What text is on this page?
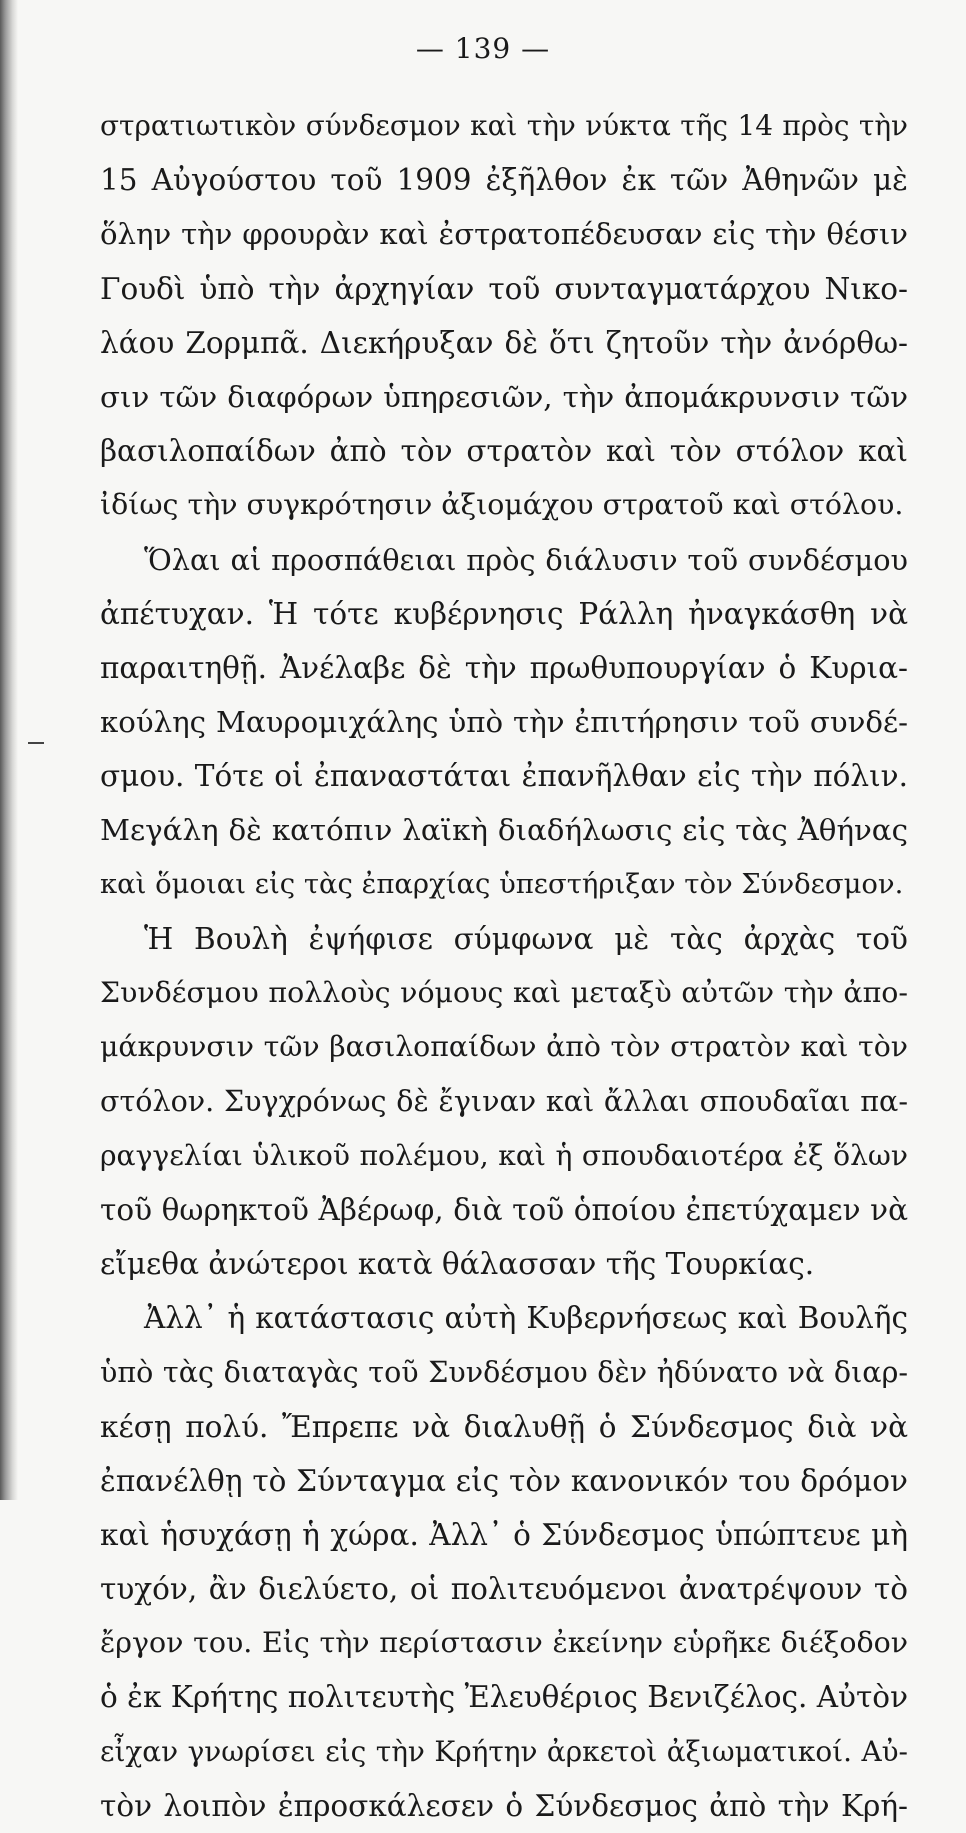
— 139 —
στρατιωτικὸν σύνδεσμον καὶ τὴν νύκτα τῆς 14 πρὸς τὴν
15 Αὐγούστου τοῦ 1909 ἐξῆλθον ἐκ τῶν Ἀθηνῶν μὲ
ὅλην τὴν φρουρὰν καὶ ἐστρατοπέδευσαν εἰς τὴν θέσιν
Γουδὶ ὑπὸ τὴν ἀρχηγίαν τοῦ συνταγματάρχου Νικο-
λάου Ζορμπᾶ. Διεκήρυξαν δὲ ὅτι ζητοῦν τὴν ἀνόρθω-
σιν τῶν διαφόρων ὑπηρεσιῶν, τὴν ἀπομάκρυνσιν τῶν
βασιλοπαίδων ἀπὸ τὸν στρατὸν καὶ τὸν στόλον καὶ
ἰδίως τὴν συγκρότησιν ἀξιομάχου στρατοῦ καὶ στόλου.
Ὅλαι αἱ προσπάθειαι πρὸς διάλυσιν τοῦ συνδέσμου
ἀπέτυχαν. Ἡ τότε κυβέρνησις Ράλλη ἠναγκάσθη νὰ
παραιτηθῇ. Ἀνέλαβε δὲ τὴν πρωθυπουργίαν ὁ Κυρια-
κούλης Μαυρομιχάλης ὑπὸ τὴν ἐπιτήρησιν τοῦ συνδέ-
σμου. Τότε οἱ ἐπαναστάται ἐπανῆλθαν εἰς τὴν πόλιν.
Μεγάλη δὲ κατόπιν λαϊκὴ διαδήλωσις εἰς τὰς Ἀθήνας
καὶ ὅμοιαι εἰς τὰς ἐπαρχίας ὑπεστήριξαν τὸν Σύνδεσμον.
Ἡ Βουλὴ ἐψήφισε σύμφωνα μὲ τὰς ἀρχὰς τοῦ
Συνδέσμου πολλοὺς νόμους καὶ μεταξὺ αὐτῶν τὴν ἀπο-
μάκρυνσιν τῶν βασιλοπαίδων ἀπὸ τὸν στρατὸν καὶ τὸν
στόλον. Συγχρόνως δὲ ἔγιναν καὶ ἄλλαι σπουδαῖαι πα-
ραγγελίαι ὑλικοῦ πολέμου, καὶ ἡ σπουδαιοτέρα ἐξ ὅλων
τοῦ θωρηκτοῦ Ἀβέρωφ, διὰ τοῦ ὁποίου ἐπετύχαμεν νὰ
εἴμεθα ἀνώτεροι κατὰ θάλασσαν τῆς Τουρκίας.
Ἀλλ᾽ ἡ κατάστασις αὐτὴ Κυβερνήσεως καὶ Βουλῆς
ὑπὸ τὰς διαταγὰς τοῦ Συνδέσμου δὲν ἠδύνατο νὰ διαρ-
κέσῃ πολύ. Ἔπρεπε νὰ διαλυθῇ ὁ Σύνδεσμος διὰ νὰ
ἐπανέλθῃ τὸ Σύνταγμα εἰς τὸν κανονικόν του δρόμον
καὶ ἡσυχάσῃ ἡ χώρα. Ἀλλ᾽ ὁ Σύνδεσμος ὑπώπτευε μὴ
τυχόν, ἂν διελύετο, οἱ πολιτευόμενοι ἀνατρέψουν τὸ
ἔργον του. Εἰς τὴν περίστασιν ἐκείνην εὑρῆκε διέξοδον
ὁ ἐκ Κρήτης πολιτευτὴς Ἐλευθέριος Βενιζέλος. Αὐτὸν
εἶχαν γνωρίσει εἰς τὴν Κρήτην ἀρκετοὶ ἀξιωματικοί. Αὐ-
τὸν λοιπὸν ἐπροσκάλεσεν ὁ Σύνδεσμος ἀπὸ τὴν Κρή-
